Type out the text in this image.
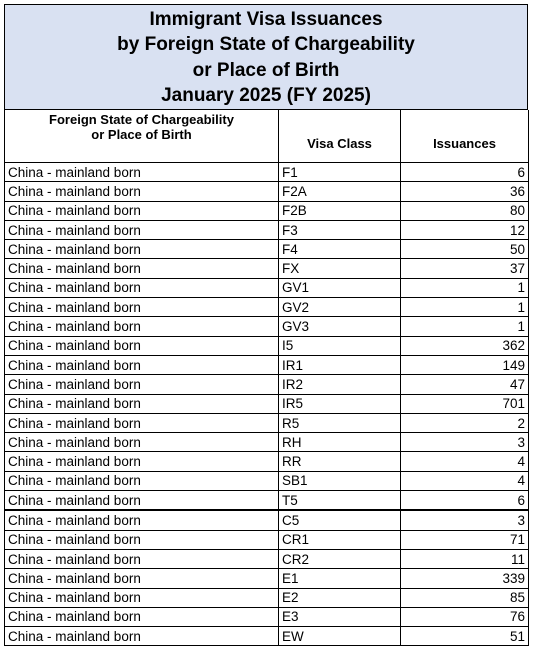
Immigrant Visa Issuances
by Foreign State of Chargeability
or Place of Birth
January 2025 (FY 2025)
Foreign State of Chargeability
or Place of Birth	Visa Class	Issuances
China - mainland born	F1	6
China - mainland born	F2A	36
China - mainland born	F2B	80
China - mainland born	F3	12
China - mainland born	F4	50
China - mainland born	FX	37
China - mainland born	GV1	1
China - mainland born	GV2	1
China - mainland born	GV3	1
China - mainland born	I5	362
China - mainland born	IR1	149
China - mainland born	IR2	47
China - mainland born	IR5	701
China - mainland born	R5	2
China - mainland born	RH	3
China - mainland born	RR	4
China - mainland born	SB1	4
China - mainland born	T5	6
China - mainland born	C5	3
China - mainland born	CR1	71
China - mainland born	CR2	11
China - mainland born	E1	339
China - mainland born	E2	85
China - mainland born	E3	76
China - mainland born	EW	51
